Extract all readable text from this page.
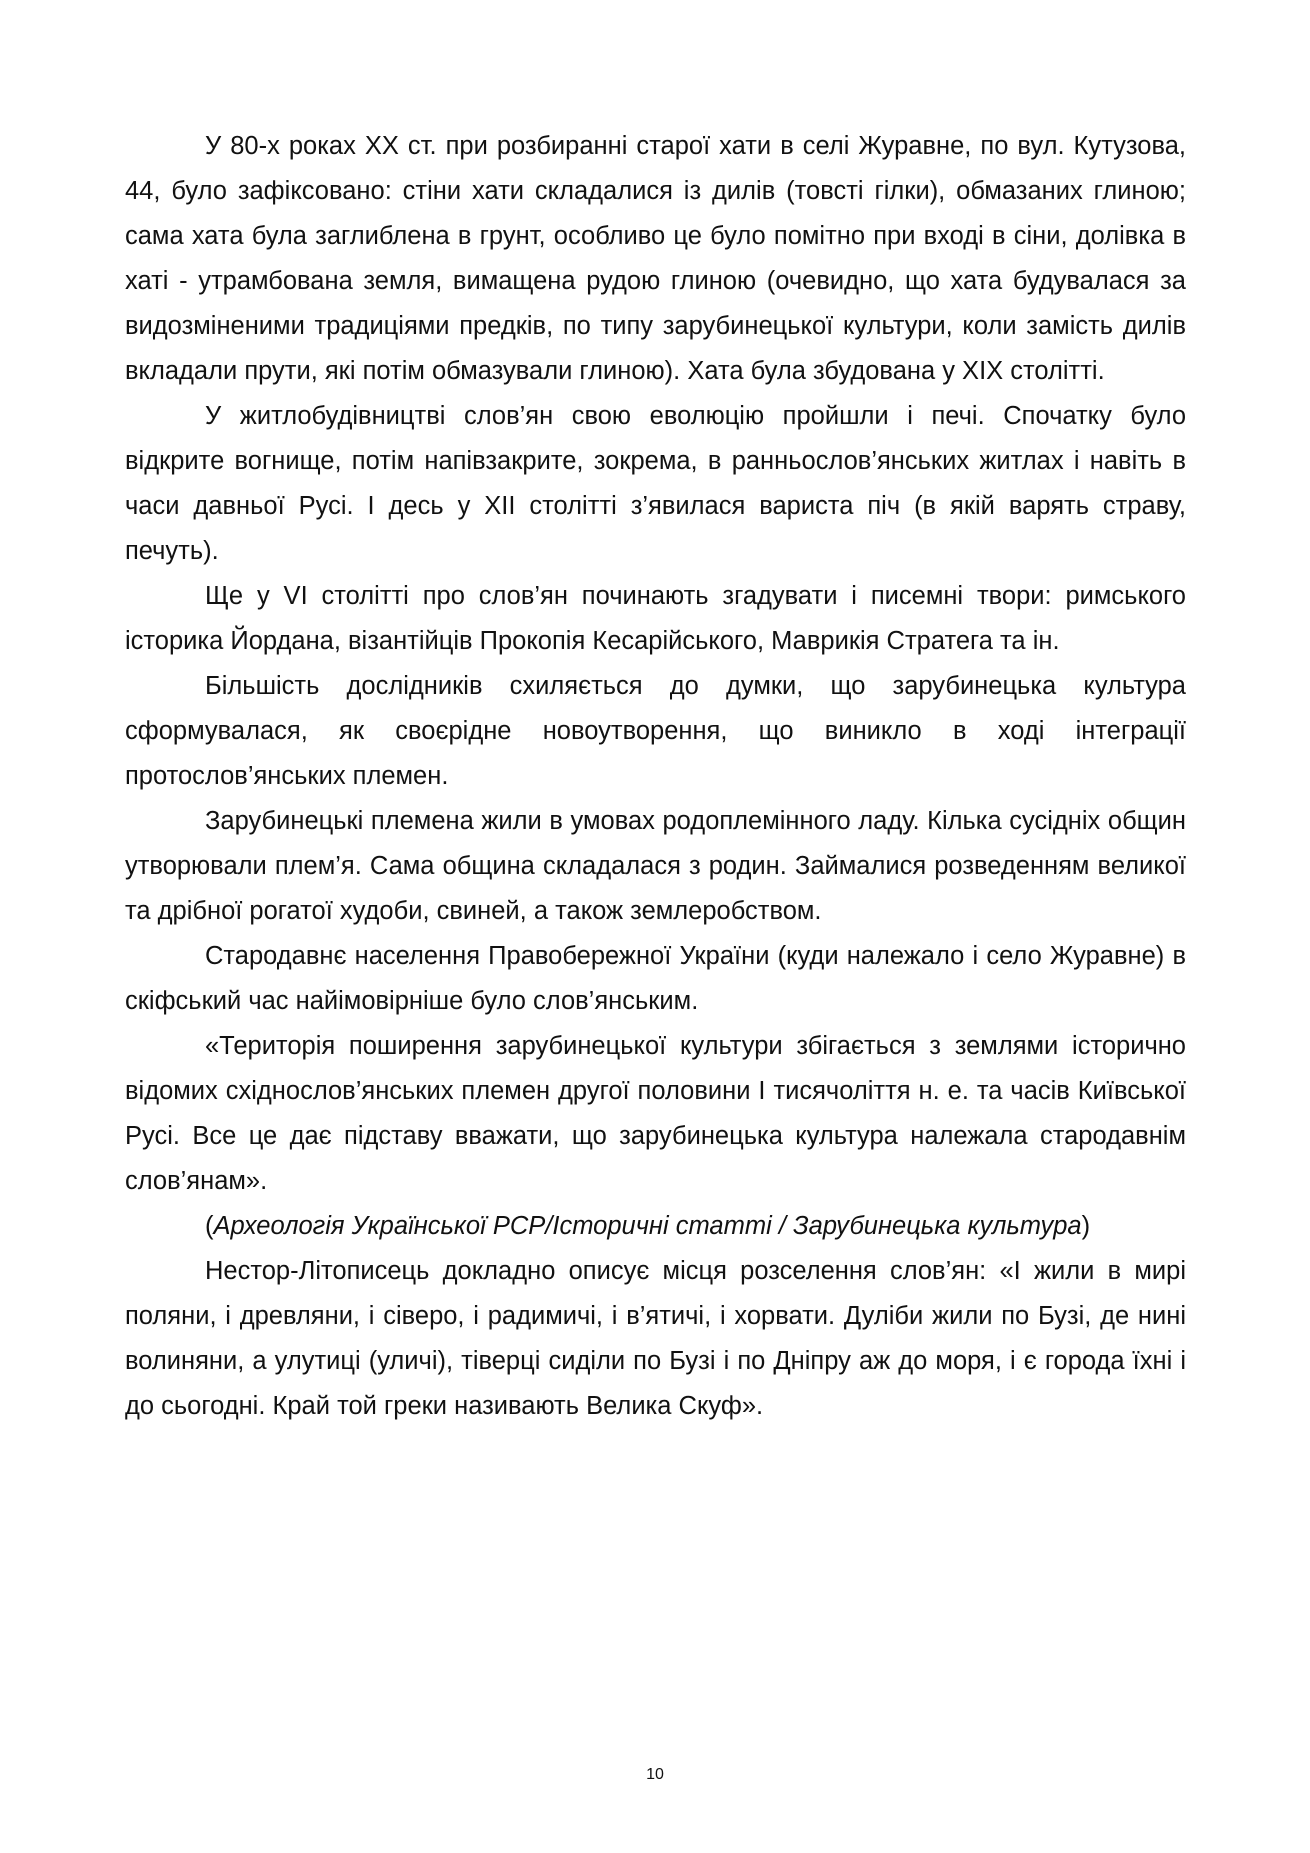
У 80-х роках ХХ ст. при розбиранні старої хати в селі Журавне, по вул. Кутузова, 44, було зафіксовано: стіни хати складалися із дилів (товсті гілки), обмазаних глиною; сама хата була заглиблена в грунт, особливо це було помітно при вході в сіни, долівка в хаті - утрамбована земля, вимащена рудою глиною (очевидно, що хата будувалася за видозміненими традиціями предків, по типу зарубинецької культури, коли замість дилів вкладали прути, які потім обмазували глиною). Хата була збудована у ХІХ столітті.

У житлобудівництві слов’ян свою еволюцію пройшли і печі. Спочатку було відкрите вогнище, потім напівзакрите, зокрема, в ранньослов’янських житлах і навіть в часи давньої Русі. І десь у ХІІ столітті з’явилася вариста піч (в якій варять страву, печуть).

Ще у VI столітті про слов’ян починають згадувати і писемні твори: римського історика Йордана, візантійців Прокопія Кесарійського, Маврикія Стратега та ін.

Більшість дослідників схиляється до думки, що зарубинецька культура сформувалася, як своєрідне новоутворення, що виникло в ході інтеграції протослов’янських племен.

Зарубинецькі племена жили в умовах родоплемінного ладу. Кілька сусідніх общин утворювали плем’я. Сама община складалася з родин. Займалися розведенням великої та дрібної рогатої худоби, свиней, а також землеробством.

Стародавнє населення Правобережної України (куди належало і село Журавне) в скіфський час найімовірніше було слов’янським.

«Територія поширення зарубинецької культури збігається з землями історично відомих східнослов’янських племен другої половини І тисячоліття н. е. та часів Київської Русі. Все це дає підставу вважати, що зарубинецька культура належала стародавнім слов’янам».

(Археологія Української РСР/Історичні статті / Зарубинецька культура)

Нестор-Літописець докладно описує місця розселення слов’ян: «І жили в мирі поляни, і древляни, і сіверо, і радимичі, і в’ятичі, і хорвати. Дуліби жили по Бузі, де нині волиняни, а улутиці (уличі), тіверці сиділи по Бузі і по Дніпру аж до моря, і є города їхні і до сьогодні. Край той греки називають Велика Скуф».

10
